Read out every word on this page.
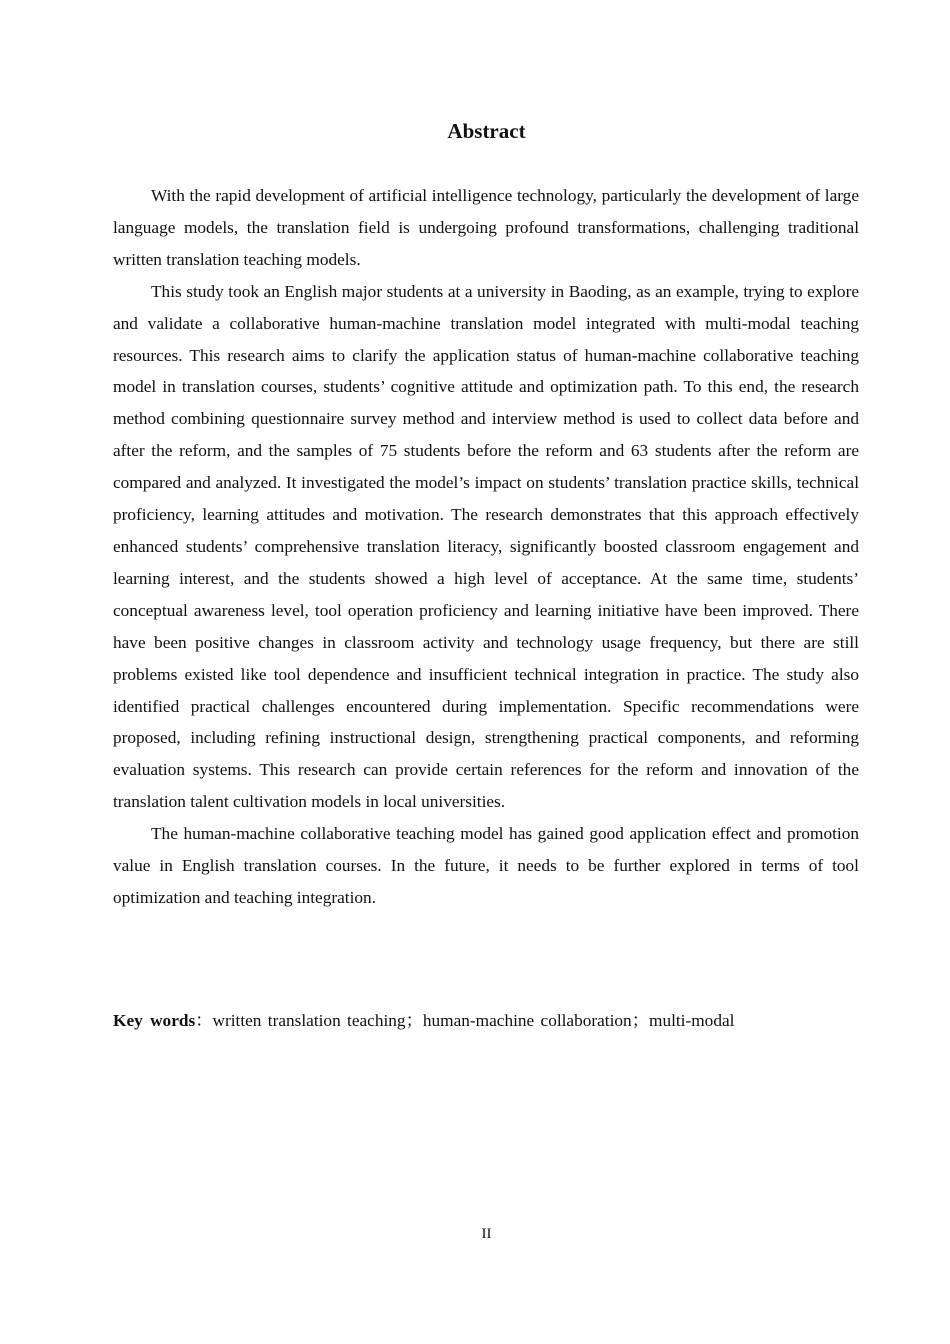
Abstract

With the rapid development of artificial intelligence technology, particularly the development of large language models, the translation field is undergoing profound transformations, challenging traditional written translation teaching models.

This study took an English major students at a university in Baoding, as an example, trying to explore and validate a collaborative human-machine translation model integrated with multi-modal teaching resources. This research aims to clarify the application status of human-machine collaborative teaching model in translation courses, students’ cognitive attitude and optimization path. To this end, the research method combining questionnaire survey method and interview method is used to collect data before and after the reform, and the samples of 75 students before the reform and 63 students after the reform are compared and analyzed. It investigated the model’s impact on students’ translation practice skills, technical proficiency, learning attitudes and motivation. The research demonstrates that this approach effectively enhanced students’ comprehensive translation literacy, significantly boosted classroom engagement and learning interest, and the students showed a high level of acceptance. At the same time, students’ conceptual awareness level, tool operation proficiency and learning initiative have been improved. There have been positive changes in classroom activity and technology usage frequency, but there are still problems existed like tool dependence and insufficient technical integration in practice. The study also identified practical challenges encountered during implementation. Specific recommendations were proposed, including refining instructional design, strengthening practical components, and reforming evaluation systems. This research can provide certain references for the reform and innovation of the translation talent cultivation models in local universities.

The human-machine collaborative teaching model has gained good application effect and promotion value in English translation courses. In the future, it needs to be further explored in terms of tool optimization and teaching integration.

Key words：written translation teaching；human-machine collaboration；multi-modal
II
